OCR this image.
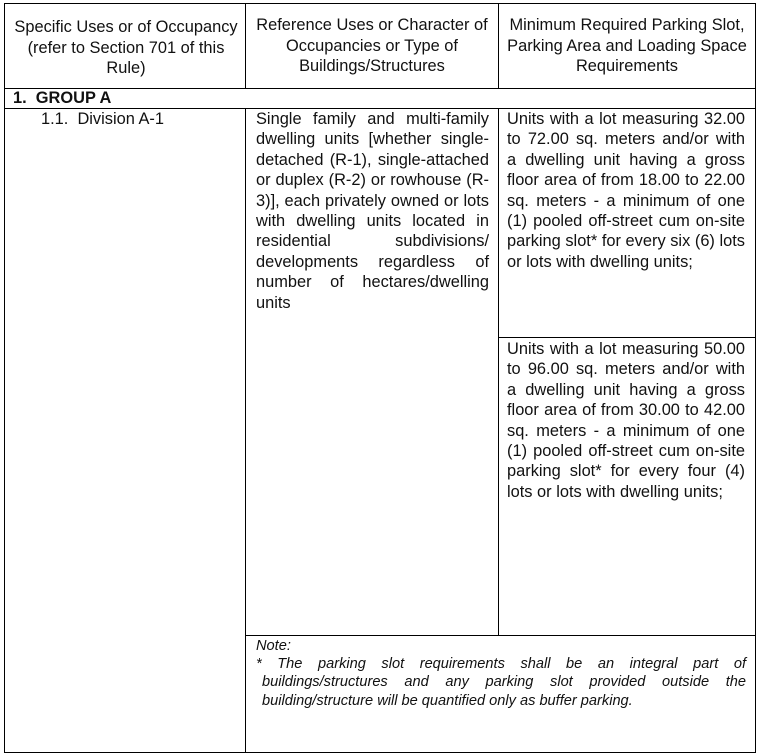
Specific Uses or of Occupancy (refer to Section 701 of this Rule)
Reference Uses or Character of Occupancies or Type of Buildings/Structures
Minimum Required Parking Slot, Parking Area and Loading Space Requirements
1.  GROUP A
1.1.  Division A-1	Single family and multi-family dwelling units [whether single-detached (R-1), single-attached or duplex (R-2) or rowhouse (R-3)], each privately owned or lots with dwelling units located in residential subdivisions/ developments regardless of number of hectares/dwelling units
Units with a lot measuring 32.00 to 72.00 sq. meters and/or with a dwelling unit having a gross floor area of from 18.00 to 22.00 sq. meters - a minimum of one (1) pooled off-street cum on-site parking slot* for every six (6) lots or lots with dwelling units;
Units with a lot measuring 50.00 to 96.00 sq. meters and/or with a dwelling unit having a gross floor area of from 30.00 to 42.00 sq. meters - a minimum of one (1) pooled off-street cum on-site parking slot* for every four (4) lots or lots with dwelling units;
Note:
* The parking slot requirements shall be an integral part of buildings/structures and any parking slot provided outside the building/structure will be quantified only as buffer parking.
